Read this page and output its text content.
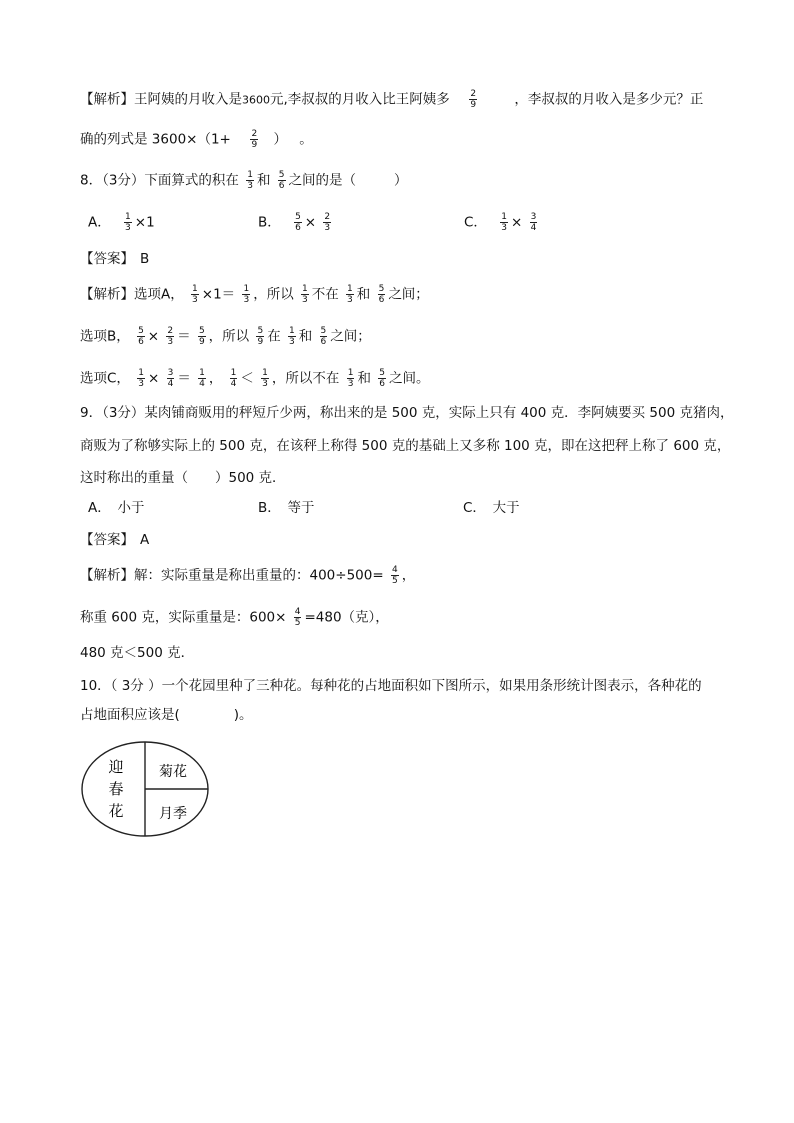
【解析】王阿姨的月收入是3600元,李叔叔的月收入比王阿姨多 $\frac{2}{9}$	，李叔叔的月收入是多少元？正
确的列式是 $3600\times(1+ \frac{2}{9}$ ） 。
8．（3分）下面算式的积在 $\frac{1}{3}$ 和 $\frac{5}{6}$ 之间的是（	）
A． $\frac{1}{3} \times 1$	B． $\frac{5}{6} \times \frac{2}{3}$	C． $\frac{1}{3} \times \frac{3}{4}$
【答案】 B
【解析】选项A， $\frac{1}{3} \times 1= \frac{1}{3}$ ，所以 $\frac{1}{3}$ 不在 $\frac{1}{3}$ 和 $\frac{5}{6}$ 之间；
选项B， $\frac{5}{6} \times \frac{2}{3} = \frac{5}{9}$ ，所以 $\frac{5}{9}$ 在 $\frac{1}{3}$ 和 $\frac{5}{6}$ 之间；
选项C， $\frac{1}{3} \times \frac{3}{4} = \frac{1}{4}$ ， $\frac{1}{4} < \frac{1}{3}$ ，所以不在 $\frac{1}{3}$ 和 $\frac{5}{6}$ 之间。
9．（3分）某肉铺商贩用的秤短斤少两，称出来的是 500 克，实际上只有 400 克．李阿姨要买 500 克猪肉，
商贩为了称够实际上的 500 克，在该秤上称得 500 克的基础上又多称 100 克，即在这把秤上称了 600 克，
这时称出的重量（　　）500 克．
A．　小于	B．　等于	C．　大于
【答案】 A
【解析】解：实际重量是称出重量的：$400\div 500= \frac{4}{5}$ ，
称重 600 克，实际重量是：$600\times \frac{4}{5} =480$（克），
480 克＜500 克．
10．（ 3分 ）一个花园里种了三种花。每种花的占地面积如下图所示，如果用条形统计图表示，各种花的
占地面积应该是(　　　　)。
迎
春
花
菊花
月季
